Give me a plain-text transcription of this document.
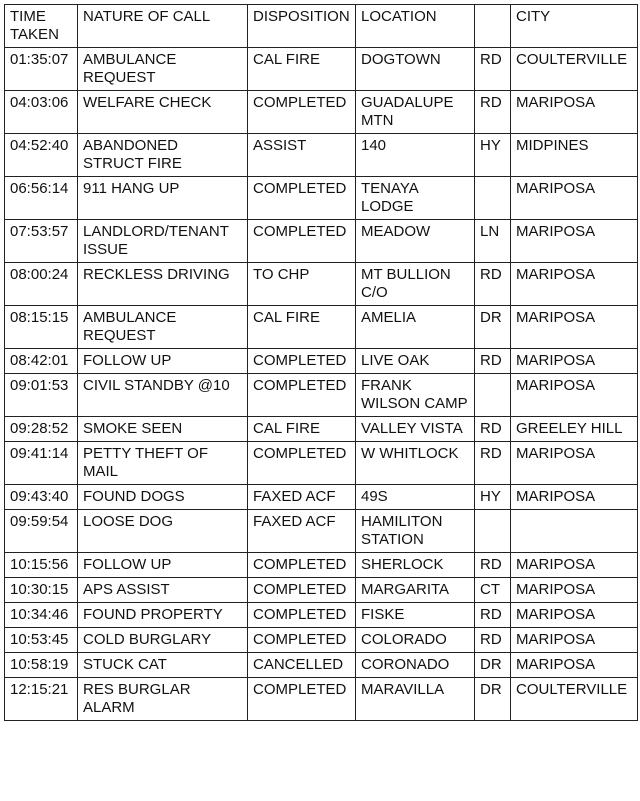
TIME TAKEN	NATURE OF CALL	DISPOSITION	LOCATION		CITY
01:35:07	AMBULANCE REQUEST	CAL FIRE	DOGTOWN	RD	COULTERVILLE
04:03:06	WELFARE CHECK	COMPLETED	GUADALUPE MTN	RD	MARIPOSA
04:52:40	ABANDONED STRUCT FIRE	ASSIST	140	HY	MIDPINES
06:56:14	911 HANG UP	COMPLETED	TENAYA LODGE		MARIPOSA
07:53:57	LANDLORD/TENANT ISSUE	COMPLETED	MEADOW	LN	MARIPOSA
08:00:24	RECKLESS DRIVING	TO CHP	MT BULLION C/O	RD	MARIPOSA
08:15:15	AMBULANCE REQUEST	CAL FIRE	AMELIA	DR	MARIPOSA
08:42:01	FOLLOW UP	COMPLETED	LIVE OAK	RD	MARIPOSA
09:01:53	CIVIL STANDBY @10	COMPLETED	FRANK WILSON CAMP		MARIPOSA
09:28:52	SMOKE SEEN	CAL FIRE	VALLEY VISTA	RD	GREELEY HILL
09:41:14	PETTY THEFT OF MAIL	COMPLETED	W WHITLOCK	RD	MARIPOSA
09:43:40	FOUND DOGS	FAXED ACF	49S	HY	MARIPOSA
09:59:54	LOOSE DOG	FAXED ACF	HAMILITON STATION		
10:15:56	FOLLOW UP	COMPLETED	SHERLOCK	RD	MARIPOSA
10:30:15	APS ASSIST	COMPLETED	MARGARITA	CT	MARIPOSA
10:34:46	FOUND PROPERTY	COMPLETED	FISKE	RD	MARIPOSA
10:53:45	COLD BURGLARY	COMPLETED	COLORADO	RD	MARIPOSA
10:58:19	STUCK CAT	CANCELLED	CORONADO	DR	MARIPOSA
12:15:21	RES BURGLAR ALARM	COMPLETED	MARAVILLA	DR	COULTERVILLE
